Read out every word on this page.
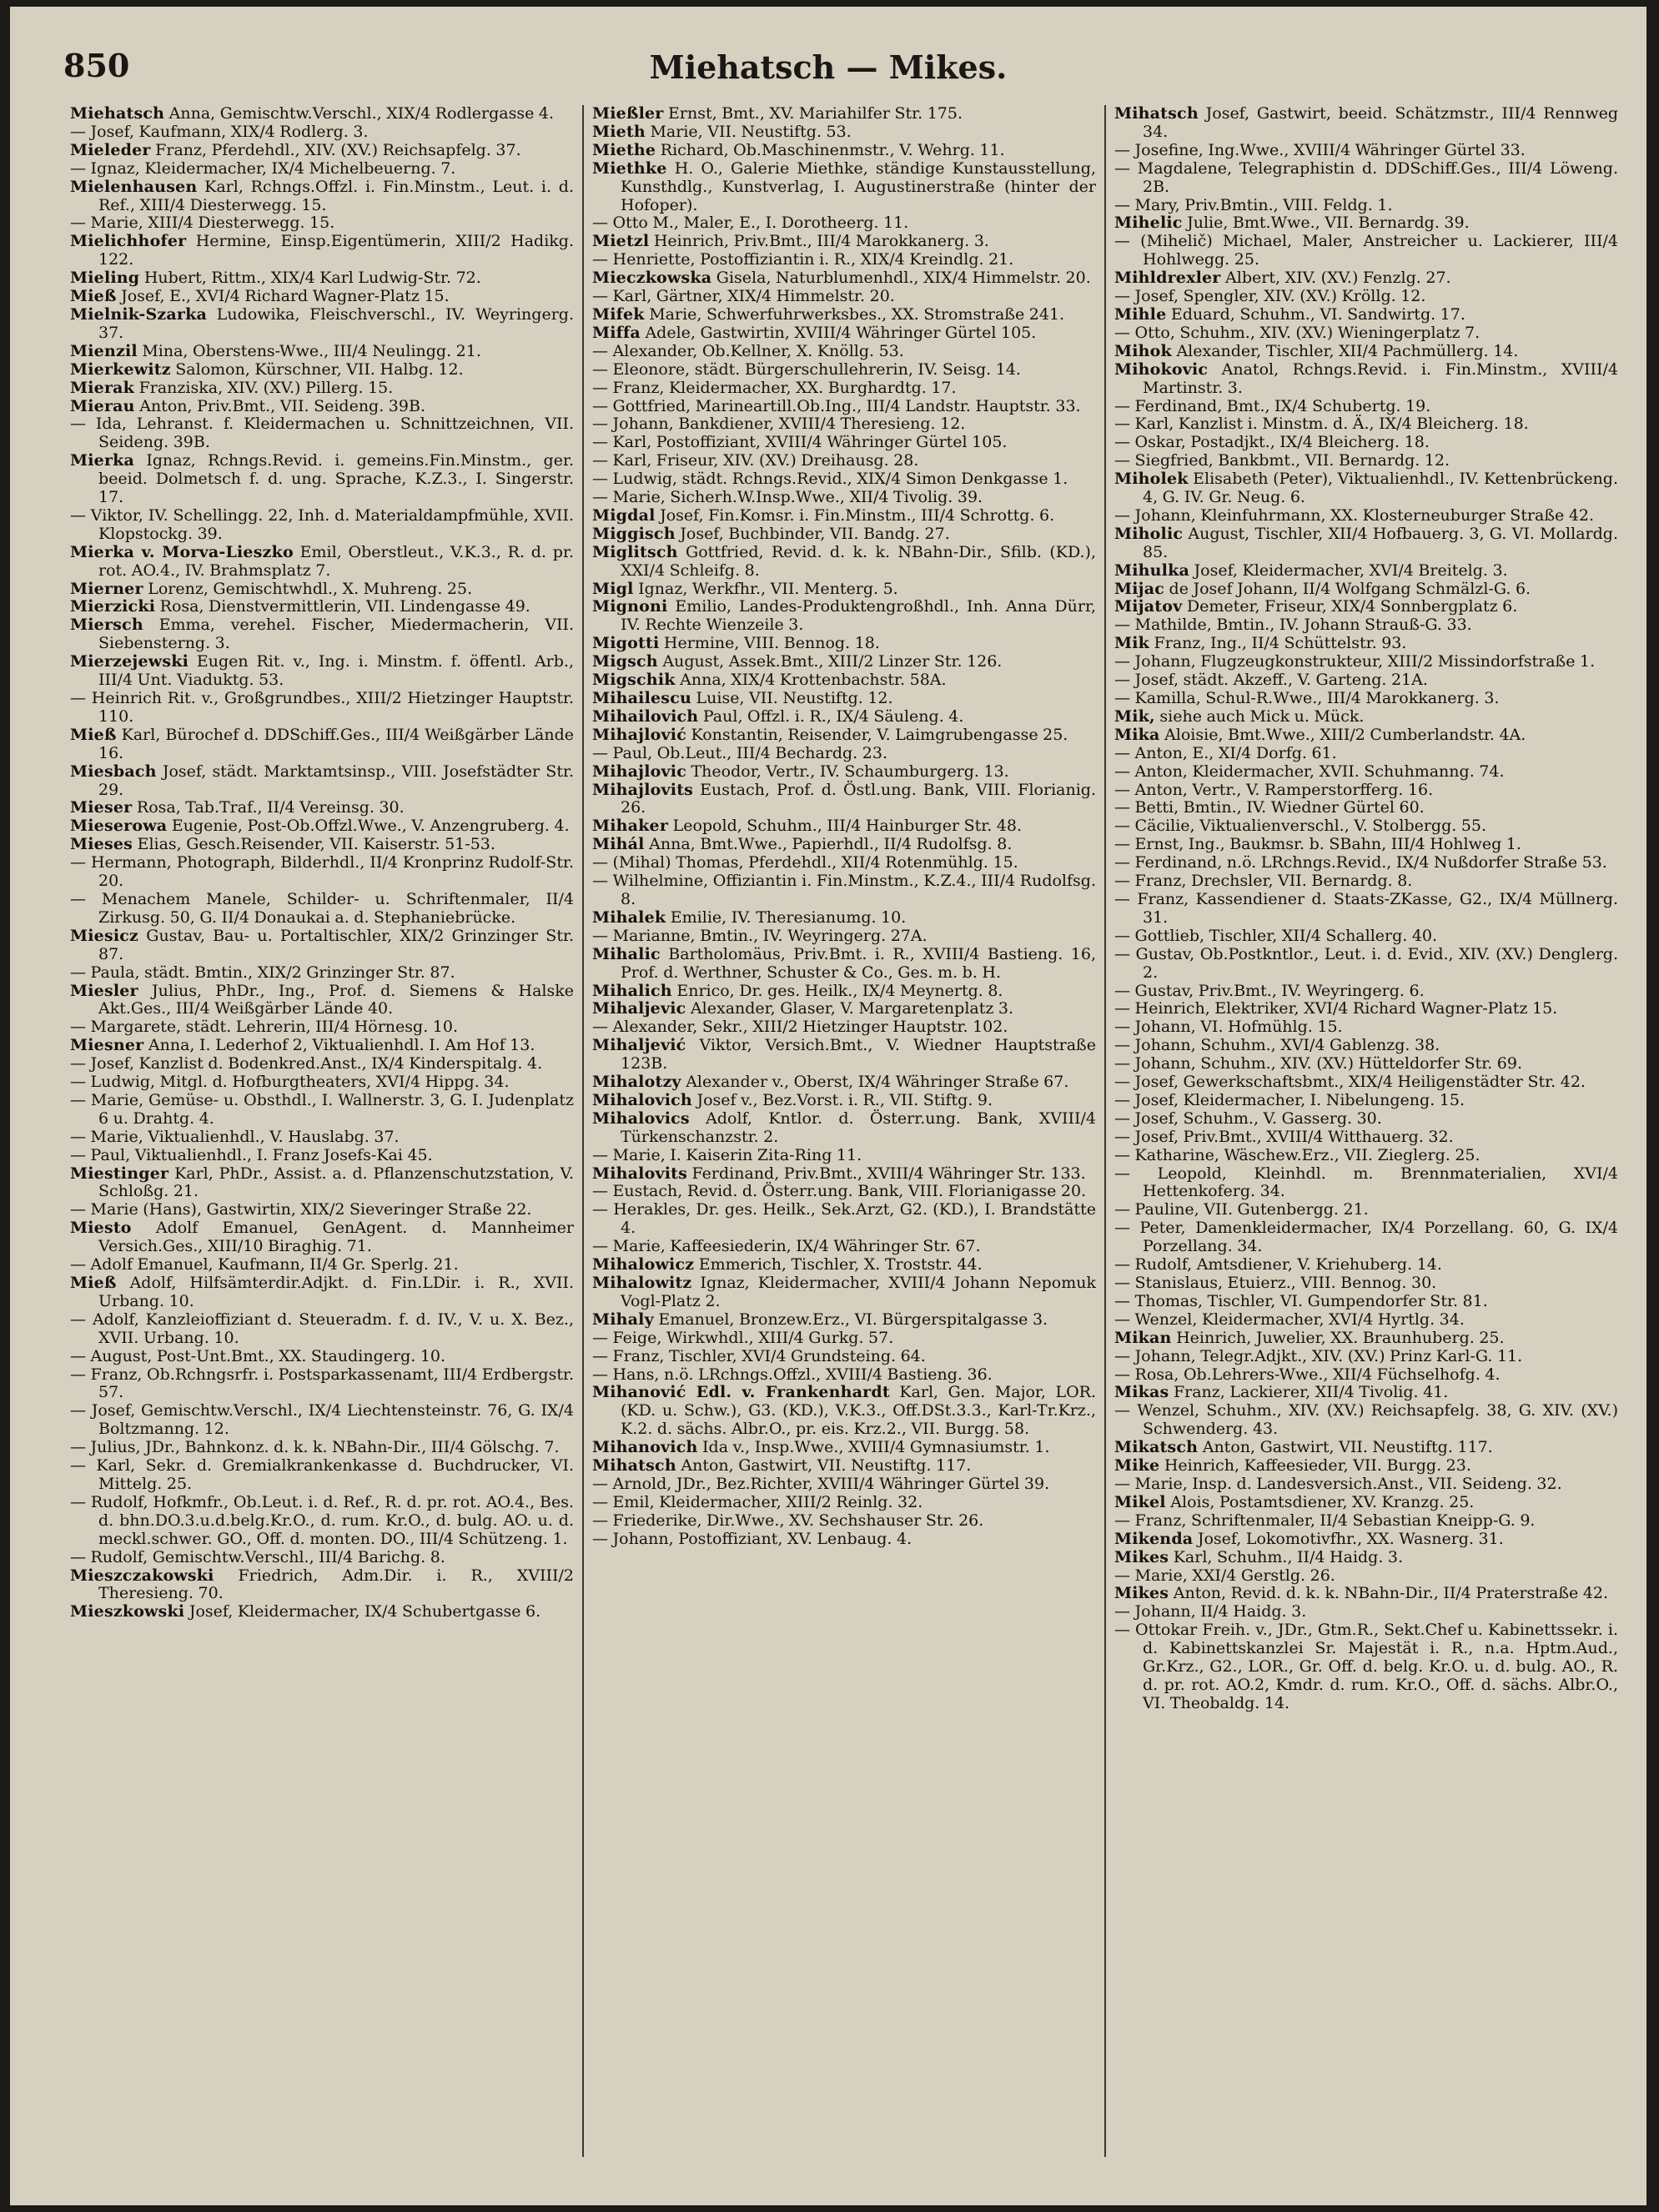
850	Miehatsch — Mikes.
Miehatsch Anna, Gemischtw.Verschl., XIX/4 Rodlergasse 4.
— Josef, Kaufmann, XIX/4 Rodlerg. 3.
Mieleder Franz, Pferdehdl., XIV. (XV.) Reichsapfelg. 37.
— Ignaz, Kleidermacher, IX/4 Michelbeuerng. 7.
Mielenhausen Karl, Rchngs.Offzl. i. Fin.Minstm., Leut. i. d. Ref., XIII/4 Diesterwegg. 15.
— Marie, XIII/4 Diesterwegg. 15.
Mielichhofer Hermine, Einsp.Eigentümerin, XIII/2 Hadikg. 122.
Mieling Hubert, Rittm., XIX/4 Karl Ludwig-Str. 72.
Mieß Josef, E., XVI/4 Richard Wagner-Platz 15.
Mielnik-Szarka Ludowika, Fleischverschl., IV. Weyringerg. 37.
Mienzil Mina, Oberstens-Wwe., III/4 Neulingg. 21.
Mierkewitz Salomon, Kürschner, VII. Halbg. 12.
Mierak Franziska, XIV. (XV.) Pillerg. 15.
Mierau Anton, Priv.Bmt., VII. Seideng. 39B.
— Ida, Lehranst. f. Kleidermachen u. Schnittzeichnen, VII. Seideng. 39B.
Mierka Ignaz, Rchngs.Revid. i. gemeins.Fin.Minstm., ger. beeid. Dolmetsch f. d. ung. Sprache, K.Z.3., I. Singerstr. 17.
— Viktor, IV. Schellingg. 22, Inh. d. Materialdampfmühle, XVII. Klopstockg. 39.
Mierka v. Morva-Lieszko Emil, Oberstleut., V.K.3., R. d. pr. rot. AO.4., IV. Brahmsplatz 7.
Mierner Lorenz, Gemischtwhdl., X. Muhreng. 25.
Mierzicki Rosa, Dienstvermittlerin, VII. Lindengasse 49.
Miersch Emma, verehel. Fischer, Miedermacherin, VII. Siebensterng. 3.
Mierzejewski Eugen Rit. v., Ing. i. Minstm. f. öffentl. Arb., III/4 Unt. Viaduktg. 53.
— Heinrich Rit. v., Großgrundbes., XIII/2 Hietzinger Hauptstr. 110.
Mieß Karl, Bürochef d. DDSchiff.Ges., III/4 Weißgärber Lände 16.
Miesbach Josef, städt. Marktamtsinsp., VIII. Josefstädter Str. 29.
Mieser Rosa, Tab.Traf., II/4 Vereinsg. 30.
Mieserowa Eugenie, Post-Ob.Offzl.Wwe., V. Anzengruberg. 4.
Mieses Elias, Gesch.Reisender, VII. Kaiserstr. 51-53.
— Hermann, Photograph, Bilderhdl., II/4 Kronprinz Rudolf-Str. 20.
— Menachem Manele, Schilder- u. Schriftenmaler, II/4 Zirkusg. 50, G. II/4 Donaukai a. d. Stephaniebrücke.
Miesicz Gustav, Bau- u. Portaltischler, XIX/2 Grinzinger Str. 87.
— Paula, städt. Bmtin., XIX/2 Grinzinger Str. 87.
Miesler Julius, PhDr., Ing., Prof. d. Siemens & Halske Akt.Ges., III/4 Weißgärber Lände 40.
— Margarete, städt. Lehrerin, III/4 Hörnesg. 10.
Miesner Anna, I. Lederhof 2, Viktualienhdl. I. Am Hof 13.
— Josef, Kanzlist d. Bodenkred.Anst., IX/4 Kinderspitalg. 4.
— Ludwig, Mitgl. d. Hofburgtheaters, XVI/4 Hippg. 34.
— Marie, Gemüse- u. Obsthdl., I. Wallnerstr. 3, G. I. Judenplatz 6 u. Drahtg. 4.
— Marie, Viktualienhdl., V. Hauslabg. 37.
— Paul, Viktualienhdl., I. Franz Josefs-Kai 45.
Miestinger Karl, PhDr., Assist. a. d. Pflanzenschutzstation, V. Schloßg. 21.
— Marie (Hans), Gastwirtin, XIX/2 Sieveringer Straße 22.
Miesto Adolf Emanuel, GenAgent. d. Mannheimer Versich.Ges., XIII/10 Biraghig. 71.
— Adolf Emanuel, Kaufmann, II/4 Gr. Sperlg. 21.
Mieß Adolf, Hilfsämterdir.Adjkt. d. Fin.LDir. i. R., XVII. Urbang. 10.
— Adolf, Kanzleioffiziant d. Steueradm. f. d. IV., V. u. X. Bez., XVII. Urbang. 10.
— August, Post-Unt.Bmt., XX. Staudingerg. 10.
— Franz, Ob.Rchngsrfr. i. Postsparkassenamt, III/4 Erdbergstr. 57.
— Josef, Gemischtw.Verschl., IX/4 Liechtensteinstr. 76, G. IX/4 Boltzmanng. 12.
— Julius, JDr., Bahnkonz. d. k. k. NBahn-Dir., III/4 Gölschg. 7.
— Karl, Sekr. d. Gremialkrankenkasse d. Buchdrucker, VI. Mittelg. 25.
— Rudolf, Hofkmfr., Ob.Leut. i. d. Ref., R. d. pr. rot. AO.4., Bes. d. bhn.DO.3.u.d.belg.Kr.O., d. rum. Kr.O., d. bulg. AO. u. d. meckl.schwer. GO., Off. d. monten. DO., III/4 Schützeng. 1.
— Rudolf, Gemischtw.Verschl., III/4 Barichg. 8.
Mieszczakowski Friedrich, Adm.Dir. i. R., XVIII/2 Theresieng. 70.
Mieszkowski Josef, Kleidermacher, IX/4 Schubertgasse 6.
Mießler Ernst, Bmt., XV. Mariahilfer Str. 175.
Mieth Marie, VII. Neustiftg. 53.
Miethe Richard, Ob.Maschinenmstr., V. Wehrg. 11.
Miethke H. O., Galerie Miethke, ständige Kunstausstellung, Kunsthdlg., Kunstverlag, I. Augustinerstraße (hinter der Hofoper).
— Otto M., Maler, E., I. Dorotheerg. 11.
Mietzl Heinrich, Priv.Bmt., III/4 Marokkanerg. 3.
— Henriette, Postoffiziantin i. R., XIX/4 Kreindlg. 21.
Mieczkowska Gisela, Naturblumenhdl., XIX/4 Himmelstr. 20.
— Karl, Gärtner, XIX/4 Himmelstr. 20.
Mifek Marie, Schwerfuhrwerksbes., XX. Stromstraße 241.
Miffa Adele, Gastwirtin, XVIII/4 Währinger Gürtel 105.
— Alexander, Ob.Kellner, X. Knöllg. 53.
— Eleonore, städt. Bürgerschullehrerin, IV. Seisg. 14.
— Franz, Kleidermacher, XX. Burghardtg. 17.
— Gottfried, Marineartill.Ob.Ing., III/4 Landstr. Hauptstr. 33.
— Johann, Bankdiener, XVIII/4 Theresieng. 12.
— Karl, Postoffiziant, XVIII/4 Währinger Gürtel 105.
— Karl, Friseur, XIV. (XV.) Dreihausg. 28.
— Ludwig, städt. Rchngs.Revid., XIX/4 Simon Denkgasse 1.
— Marie, Sicherh.W.Insp.Wwe., XII/4 Tivolig. 39.
Migdal Josef, Fin.Komsr. i. Fin.Minstm., III/4 Schrottg. 6.
Miggisch Josef, Buchbinder, VII. Bandg. 27.
Miglitsch Gottfried, Revid. d. k. k. NBahn-Dir., Sfilb. (KD.), XXI/4 Schleifg. 8.
Migl Ignaz, Werkfhr., VII. Menterg. 5.
Mignoni Emilio, Landes-Produktengroßhdl., Inh. Anna Dürr, IV. Rechte Wienzeile 3.
Migotti Hermine, VIII. Bennog. 18.
Migsch August, Assek.Bmt., XIII/2 Linzer Str. 126.
Migschik Anna, XIX/4 Krottenbachstr. 58A.
Mihailescu Luise, VII. Neustiftg. 12.
Mihailovich Paul, Offzl. i. R., IX/4 Säuleng. 4.
Mihajlović Konstantin, Reisender, V. Laimgrubengasse 25.
— Paul, Ob.Leut., III/4 Bechardg. 23.
Mihajlovic Theodor, Vertr., IV. Schaumburgerg. 13.
Mihajlovits Eustach, Prof. d. Östl.ung. Bank, VIII. Florianig. 26.
Mihaker Leopold, Schuhm., III/4 Hainburger Str. 48.
Mihál Anna, Bmt.Wwe., Papierhdl., II/4 Rudolfsg. 8.
— (Mihal) Thomas, Pferdehdl., XII/4 Rotenmühlg. 15.
— Wilhelmine, Offiziantin i. Fin.Minstm., K.Z.4., III/4 Rudolfsg. 8.
Mihalek Emilie, IV. Theresianumg. 10.
— Marianne, Bmtin., IV. Weyringerg. 27A.
Mihalic Bartholomäus, Priv.Bmt. i. R., XVIII/4 Bastieng. 16, Prof. d. Werthner, Schuster & Co., Ges. m. b. H.
Mihalich Enrico, Dr. ges. Heilk., IX/4 Meynertg. 8.
Mihaljevic Alexander, Glaser, V. Margaretenplatz 3.
— Alexander, Sekr., XIII/2 Hietzinger Hauptstr. 102.
Mihaljević Viktor, Versich.Bmt., V. Wiedner Hauptstraße 123B.
Mihalotzy Alexander v., Oberst, IX/4 Währinger Straße 67.
Mihalovich Josef v., Bez.Vorst. i. R., VII. Stiftg. 9.
Mihalovics Adolf, Kntlor. d. Österr.ung. Bank, XVIII/4 Türkenschanzstr. 2.
— Marie, I. Kaiserin Zita-Ring 11.
Mihalovits Ferdinand, Priv.Bmt., XVIII/4 Währinger Str. 133.
— Eustach, Revid. d. Österr.ung. Bank, VIII. Florianigasse 20.
— Herakles, Dr. ges. Heilk., Sek.Arzt, G2. (KD.), I. Brandstätte 4.
— Marie, Kaffeesiederin, IX/4 Währinger Str. 67.
Mihalowicz Emmerich, Tischler, X. Troststr. 44.
Mihalowitz Ignaz, Kleidermacher, XVIII/4 Johann Nepomuk Vogl-Platz 2.
Mihaly Emanuel, Bronzew.Erz., VI. Bürgerspitalgasse 3.
— Feige, Wirkwhdl., XIII/4 Gurkg. 57.
— Franz, Tischler, XVI/4 Grundsteing. 64.
— Hans, n.ö. LRchngs.Offzl., XVIII/4 Bastieng. 36.
Mihanović Edl. v. Frankenhardt Karl, Gen. Major, LOR. (KD. u. Schw.), G3. (KD.), V.K.3., Off.DSt.3.3., Karl-Tr.Krz., K.2. d. sächs. Albr.O., pr. eis. Krz.2., VII. Burgg. 58.
Mihanovich Ida v., Insp.Wwe., XVIII/4 Gymnasiumstr. 1.
Mihatsch Anton, Gastwirt, VII. Neustiftg. 117.
— Arnold, JDr., Bez.Richter, XVIII/4 Währinger Gürtel 39.
— Emil, Kleidermacher, XIII/2 Reinlg. 32.
— Friederike, Dir.Wwe., XV. Sechshauser Str. 26.
— Johann, Postoffiziant, XV. Lenbaug. 4.
Mihatsch Josef, Gastwirt, beeid. Schätzmstr., III/4 Rennweg 34.
— Josefine, Ing.Wwe., XVIII/4 Währinger Gürtel 33.
— Magdalene, Telegraphistin d. DDSchiff.Ges., III/4 Löweng. 2B.
— Mary, Priv.Bmtin., VIII. Feldg. 1.
Mihelic Julie, Bmt.Wwe., VII. Bernardg. 39.
— (Mihelič) Michael, Maler, Anstreicher u. Lackierer, III/4 Hohlwegg. 25.
Mihldrexler Albert, XIV. (XV.) Fenzlg. 27.
— Josef, Spengler, XIV. (XV.) Kröllg. 12.
Mihle Eduard, Schuhm., VI. Sandwirtg. 17.
— Otto, Schuhm., XIV. (XV.) Wieningerplatz 7.
Mihok Alexander, Tischler, XII/4 Pachmüllerg. 14.
Mihokovic Anatol, Rchngs.Revid. i. Fin.Minstm., XVIII/4 Martinstr. 3.
— Ferdinand, Bmt., IX/4 Schubertg. 19.
— Karl, Kanzlist i. Minstm. d. Ä., IX/4 Bleicherg. 18.
— Oskar, Postadjkt., IX/4 Bleicherg. 18.
— Siegfried, Bankbmt., VII. Bernardg. 12.
Miholek Elisabeth (Peter), Viktualienhdl., IV. Kettenbrückeng. 4, G. IV. Gr. Neug. 6.
— Johann, Kleinfuhrmann, XX. Klosterneuburger Straße 42.
Miholic August, Tischler, XII/4 Hofbauerg. 3, G. VI. Mollardg. 85.
Mihulka Josef, Kleidermacher, XVI/4 Breitelg. 3.
Mijac de Josef Johann, II/4 Wolfgang Schmälzl-G. 6.
Mijatov Demeter, Friseur, XIX/4 Sonnbergplatz 6.
— Mathilde, Bmtin., IV. Johann Strauß-G. 33.
Mik Franz, Ing., II/4 Schüttelstr. 93.
— Johann, Flugzeugkonstrukteur, XIII/2 Missindorfstraße 1.
— Josef, städt. Akzeff., V. Garteng. 21A.
— Kamilla, Schul-R.Wwe., III/4 Marokkanerg. 3.
Mik, siehe auch Mick u. Mück.
Mika Aloisie, Bmt.Wwe., XIII/2 Cumberlandstr. 4A.
— Anton, E., XI/4 Dorfg. 61.
— Anton, Kleidermacher, XVII. Schuhmanng. 74.
— Anton, Vertr., V. Ramperstorfferg. 16.
— Betti, Bmtin., IV. Wiedner Gürtel 60.
— Cäcilie, Viktualienverschl., V. Stolbergg. 55.
— Ernst, Ing., Baukmsr. b. SBahn, III/4 Hohlweg 1.
— Ferdinand, n.ö. LRchngs.Revid., IX/4 Nußdorfer Straße 53.
— Franz, Drechsler, VII. Bernardg. 8.
— Franz, Kassendiener d. Staats-ZKasse, G2., IX/4 Müllnerg. 31.
— Gottlieb, Tischler, XII/4 Schallerg. 40.
— Gustav, Ob.Postkntlor., Leut. i. d. Evid., XIV. (XV.) Denglerg. 2.
— Gustav, Priv.Bmt., IV. Weyringerg. 6.
— Heinrich, Elektriker, XVI/4 Richard Wagner-Platz 15.
— Johann, VI. Hofmühlg. 15.
— Johann, Schuhm., XVI/4 Gablenzg. 38.
— Johann, Schuhm., XIV. (XV.) Hütteldorfer Str. 69.
— Josef, Gewerkschaftsbmt., XIX/4 Heiligenstädter Str. 42.
— Josef, Kleidermacher, I. Nibelungeng. 15.
— Josef, Schuhm., V. Gasserg. 30.
— Josef, Priv.Bmt., XVIII/4 Witthauerg. 32.
— Katharine, Wäschew.Erz., VII. Zieglerg. 25.
— Leopold, Kleinhdl. m. Brennmaterialien, XVI/4 Hettenkoferg. 34.
— Pauline, VII. Gutenbergg. 21.
— Peter, Damenkleidermacher, IX/4 Porzellang. 60, G. IX/4 Porzellang. 34.
— Rudolf, Amtsdiener, V. Kriehuberg. 14.
— Stanislaus, Etuierz., VIII. Bennog. 30.
— Thomas, Tischler, VI. Gumpendorfer Str. 81.
— Wenzel, Kleidermacher, XVI/4 Hyrtlg. 34.
Mikan Heinrich, Juwelier, XX. Braunhuberg. 25.
— Johann, Telegr.Adjkt., XIV. (XV.) Prinz Karl-G. 11.
— Rosa, Ob.Lehrers-Wwe., XII/4 Füchselhofg. 4.
Mikas Franz, Lackierer, XII/4 Tivolig. 41.
— Wenzel, Schuhm., XIV. (XV.) Reichsapfelg. 38, G. XIV. (XV.) Schwenderg. 43.
Mikatsch Anton, Gastwirt, VII. Neustiftg. 117.
Mike Heinrich, Kaffeesieder, VII. Burgg. 23.
— Marie, Insp. d. Landesversich.Anst., VII. Seideng. 32.
Mikel Alois, Postamtsdiener, XV. Kranzg. 25.
— Franz, Schriftenmaler, II/4 Sebastian Kneipp-G. 9.
Mikenda Josef, Lokomotivfhr., XX. Wasnerg. 31.
Mikes Karl, Schuhm., II/4 Haidg. 3.
— Marie, XXI/4 Gerstlg. 26.
Mikes Anton, Revid. d. k. k. NBahn-Dir., II/4 Praterstraße 42.
— Johann, II/4 Haidg. 3.
— Ottokar Freih. v., JDr., Gtm.R., Sekt.Chef u. Kabinettssekr. i. d. Kabinettskanzlei Sr. Majestät i. R., n.a. Hptm.Aud., Gr.Krz., G2., LOR., Gr. Off. d. belg. Kr.O. u. d. bulg. AO., R. d. pr. rot. AO.2, Kmdr. d. rum. Kr.O., Off. d. sächs. Albr.O., VI. Theobaldg. 14.
